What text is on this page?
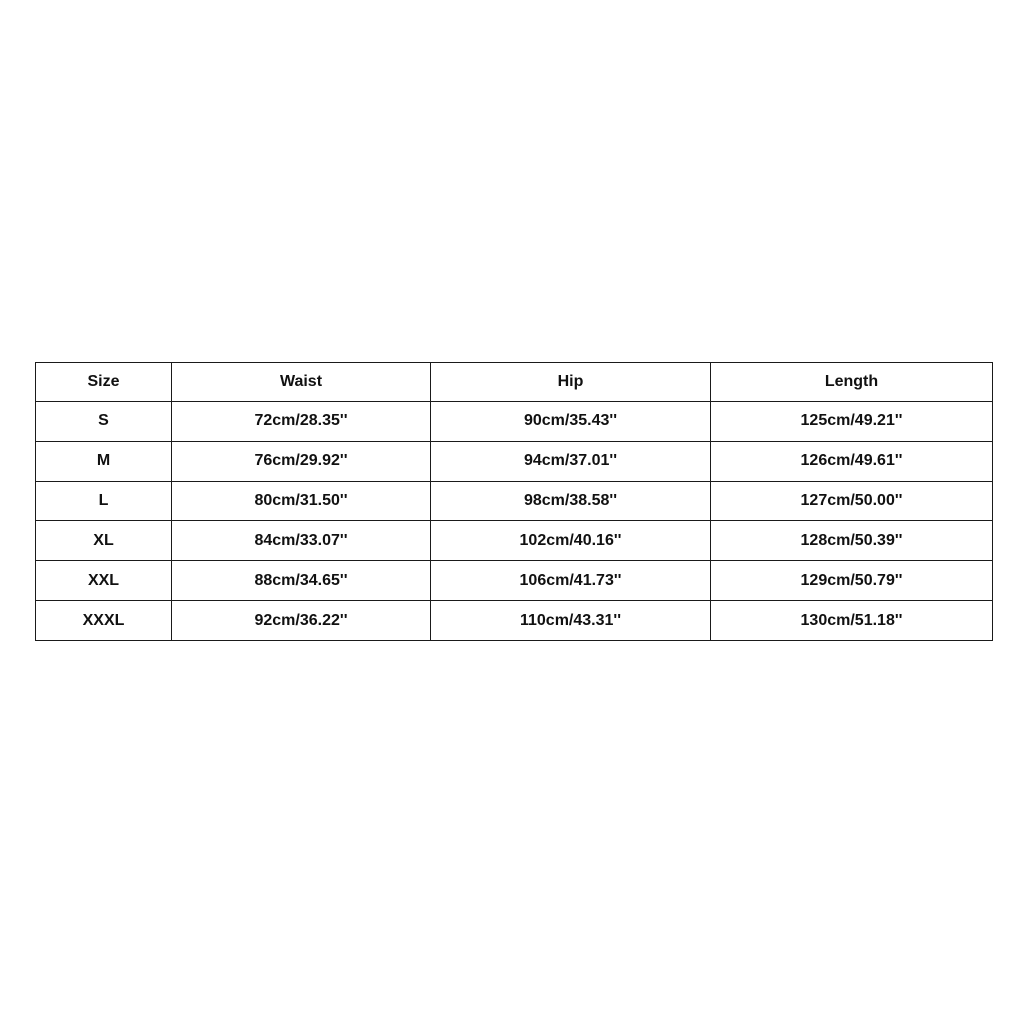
Size	Waist	Hip	Length
S	72cm/28.35''	90cm/35.43''	125cm/49.21''
M	76cm/29.92''	94cm/37.01''	126cm/49.61''
L	80cm/31.50''	98cm/38.58''	127cm/50.00''
XL	84cm/33.07''	102cm/40.16''	128cm/50.39''
XXL	88cm/34.65''	106cm/41.73''	129cm/50.79''
XXXL	92cm/36.22''	110cm/43.31''	130cm/51.18''
